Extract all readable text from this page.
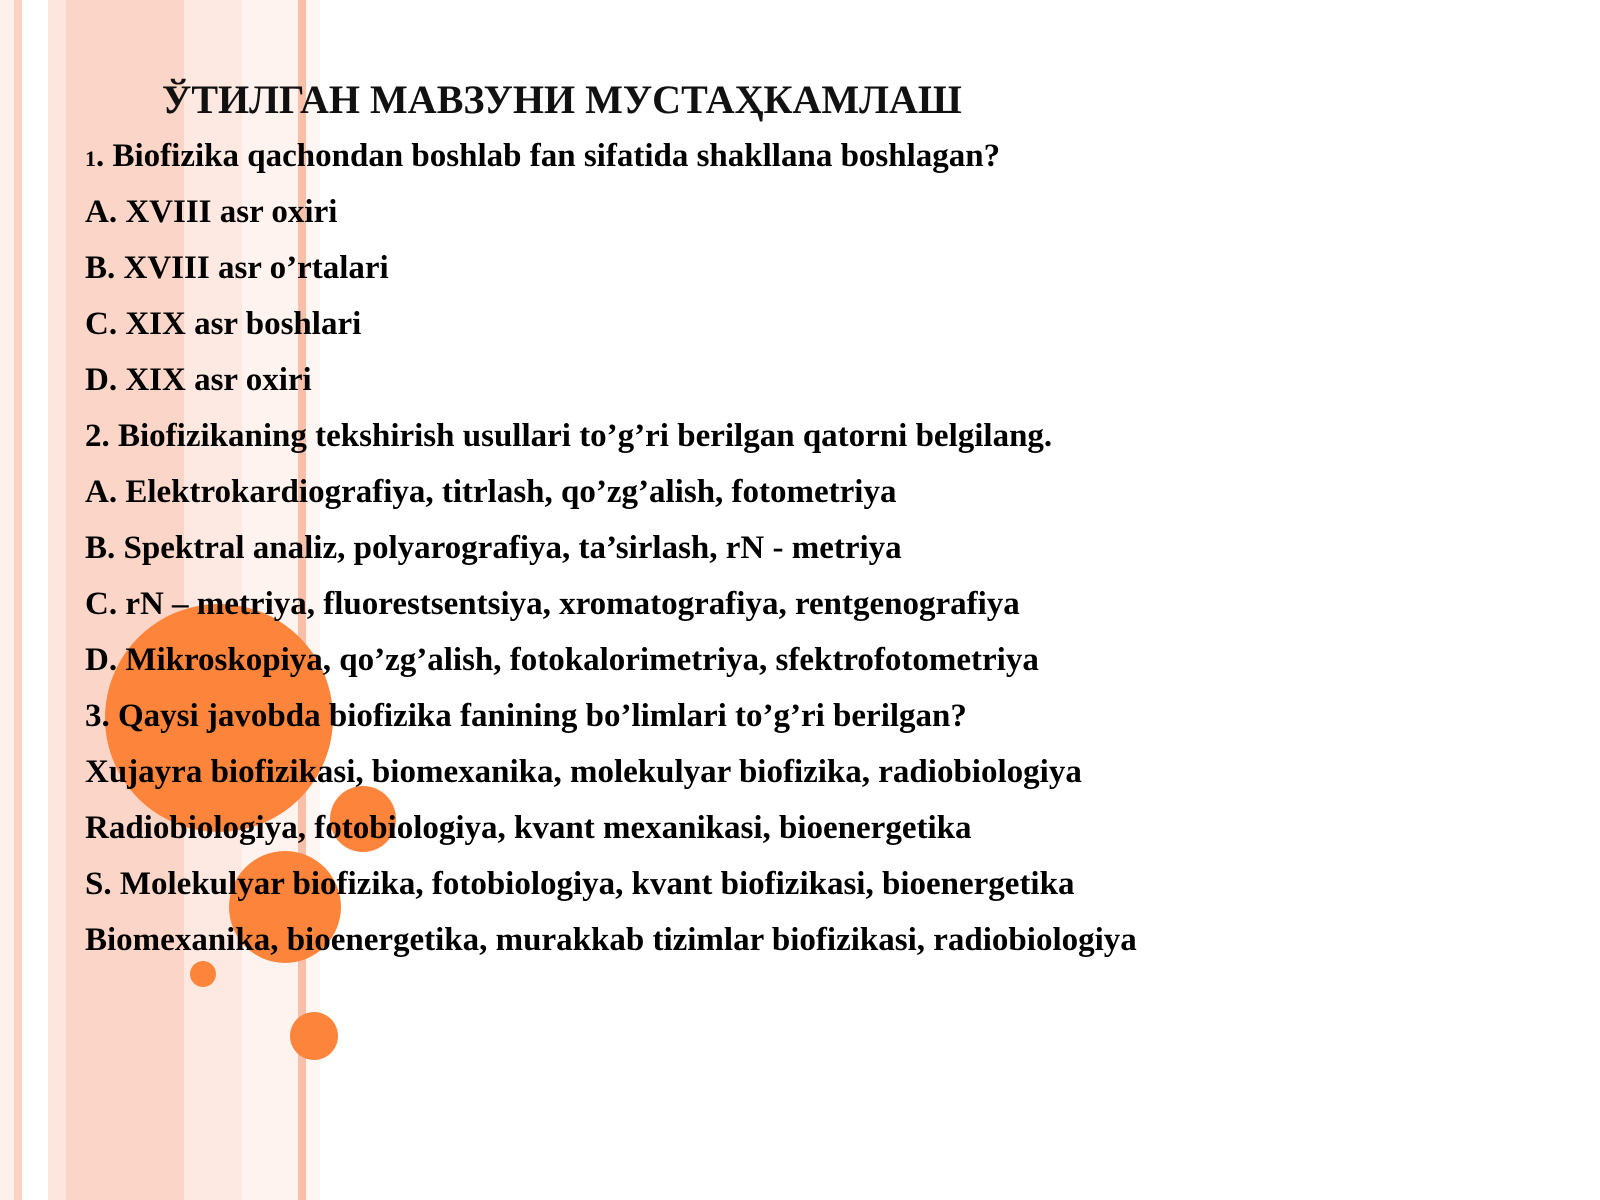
ЎТИЛГАН МАВЗУНИ МУСТАҲКАМЛАШ
1. Biofizika qachondan boshlab fan sifatida shakllana boshlagan?
A. XVIII asr oxiri
B. XVIII asr o’rtalari
C. XIX asr boshlari
D. XIX asr oxiri
2. Biofizikaning tekshirish usullari to’g’ri berilgan qatorni belgilang.
A. Elektrokardiografiya, titrlash, qo’zg’alish, fotometriya
B. Spektral analiz, polyarografiya, ta’sirlash, rN - metriya
C. rN – metriya, fluorestsentsiya, xromatografiya, rentgenografiya
D. Mikroskopiya, qo’zg’alish, fotokalorimetriya, sfektrofotometriya
3. Qaysi javobda biofizika fanining bo’limlari to’g’ri berilgan?
Xujayra biofizikasi, biomexanika, molekulyar biofizika, radiobiologiya
Radiobiologiya, fotobiologiya, kvant mexanikasi, bioenergetika
S. Molekulyar biofizika, fotobiologiya, kvant biofizikasi, bioenergetika
Biomexanika, bioenergetika, murakkab tizimlar biofizikasi, radiobiologiya
